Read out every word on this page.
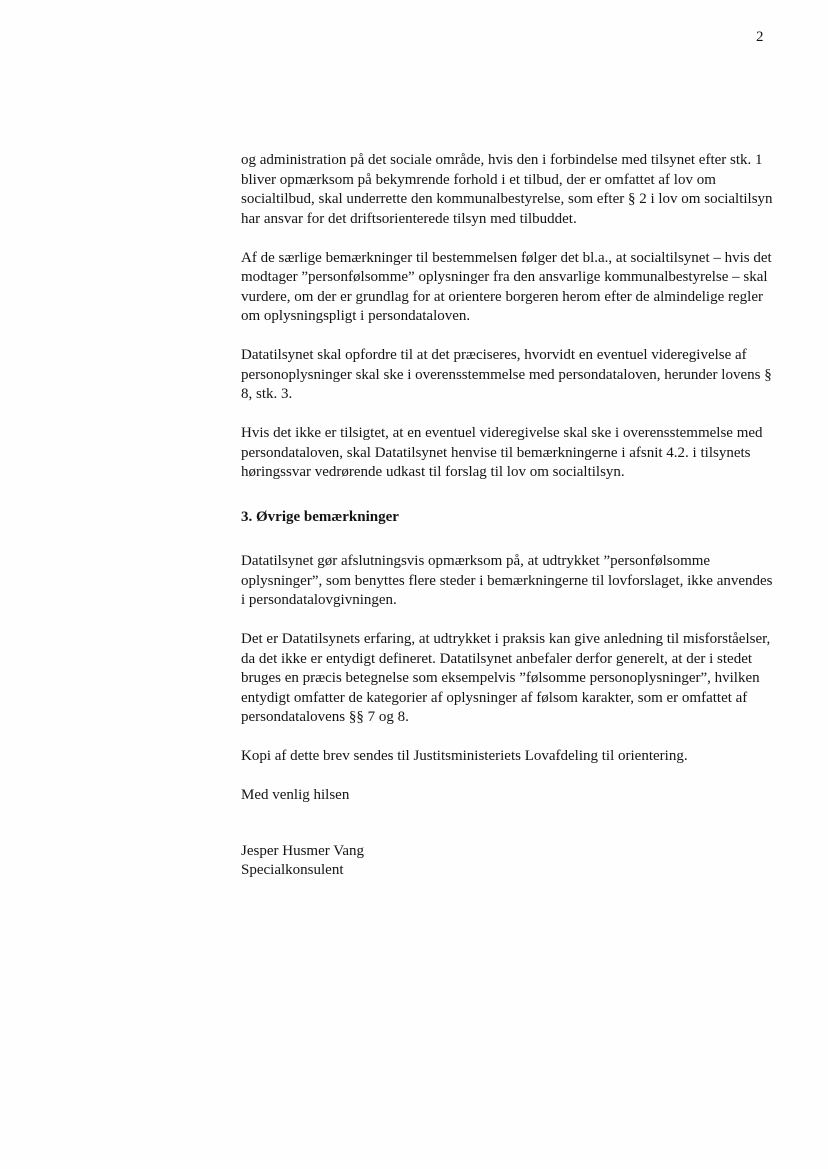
2

og administration på det sociale område, hvis den i forbindelse med tilsynet efter stk. 1 bliver opmærksom på bekymrende forhold i et tilbud, der er omfattet af lov om socialtilbud, skal underrette den kommunalbestyrelse, som efter § 2 i lov om socialtilsyn har ansvar for det driftsorienterede tilsyn med tilbuddet.

Af de særlige bemærkninger til bestemmelsen følger det bl.a., at socialtilsynet – hvis det modtager ”personfølsomme” oplysninger fra den ansvarlige kommunalbestyrelse – skal vurdere, om der er grundlag for at orientere borgeren herom efter de almindelige regler om oplysningspligt i persondataloven.

Datatilsynet skal opfordre til at det præciseres, hvorvidt en eventuel videregivelse af personoplysninger skal ske i overensstemmelse med persondataloven, herunder lovens § 8, stk. 3.

Hvis det ikke er tilsigtet, at en eventuel videregivelse skal ske i overensstemmelse med persondataloven, skal Datatilsynet henvise til bemærkningerne i afsnit 4.2. i tilsynets høringssvar vedrørende udkast til forslag til lov om socialtilsyn.

3. Øvrige bemærkninger

Datatilsynet gør afslutningsvis opmærksom på, at udtrykket ”personfølsomme oplysninger”, som benyttes flere steder i bemærkningerne til lovforslaget, ikke anvendes i persondatalovgivningen.

Det er Datatilsynets erfaring, at udtrykket i praksis kan give anledning til misforståelser, da det ikke er entydigt defineret. Datatilsynet anbefaler derfor generelt, at der i stedet bruges en præcis betegnelse som eksempelvis ”følsomme personoplysninger”, hvilken entydigt omfatter de kategorier af oplysninger af følsom karakter, som er omfattet af persondatalovens §§ 7 og 8.

Kopi af dette brev sendes til Justitsministeriets Lovafdeling til orientering.

Med venlig hilsen

Jesper Husmer Vang

Specialkonsulent
